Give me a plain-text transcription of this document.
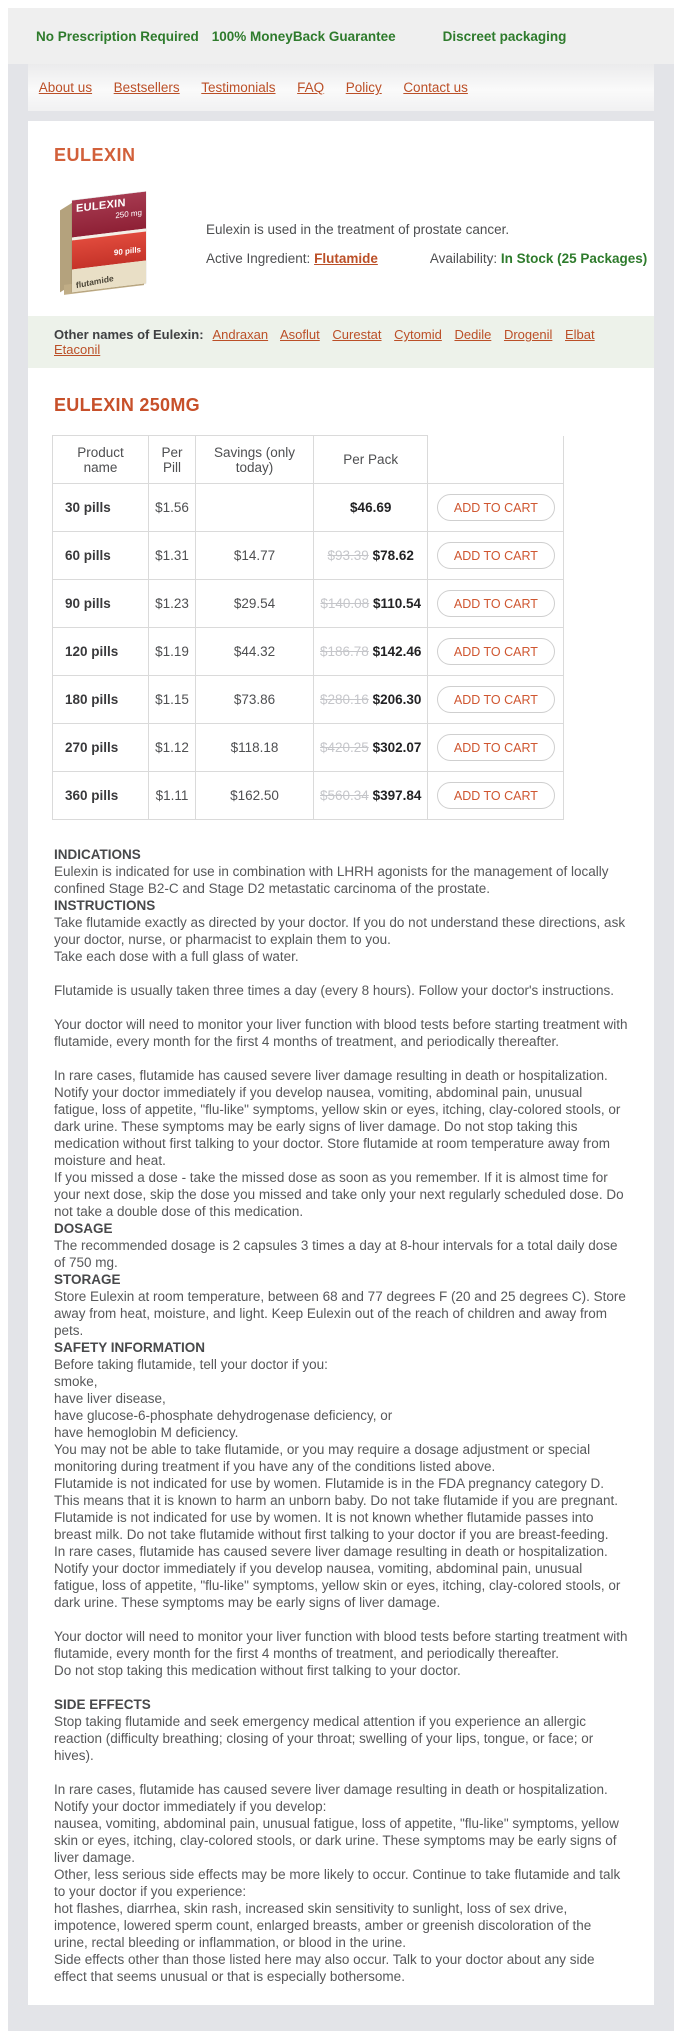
No Prescription Required 100% MoneyBack Guarantee	Discreet packaging
About us Bestsellers Testimonials FAQ Policy Contact us
EULEXIN
EULEXIN
250 mg
90 pills
flutamide
Eulexin is used in the treatment of prostate cancer.
Active Ingredient: Flutamide	Availability: In Stock (25 Packages)
Other names of Eulexin: Andraxan Asoflut Curestat Cytomid Dedile Drogenil Elbat Etaconil
EULEXIN 250MG
Product name	Per Pill	Savings (only today)	Per Pack	
30 pills	$1.56		$46.69	ADD TO CART
60 pills	$1.31	$14.77	$93.39 $78.62	ADD TO CART
90 pills	$1.23	$29.54	$140.08 $110.54	ADD TO CART
120 pills	$1.19	$44.32	$186.78 $142.46	ADD TO CART
180 pills	$1.15	$73.86	$280.16 $206.30	ADD TO CART
270 pills	$1.12	$118.18	$420.25 $302.07	ADD TO CART
360 pills	$1.11	$162.50	$560.34 $397.84	ADD TO CART

INDICATIONS

Eulexin is indicated for use in combination with LHRH agonists for the management of locally confined Stage B2-C and Stage D2 metastatic carcinoma of the prostate.

INSTRUCTIONS

Take flutamide exactly as directed by your doctor. If you do not understand these directions, ask your doctor, nurse, or pharmacist to explain them to you.

Take each dose with a full glass of water.

Flutamide is usually taken three times a day (every 8 hours). Follow your doctor's instructions.

Your doctor will need to monitor your liver function with blood tests before starting treatment with flutamide, every month for the first 4 months of treatment, and periodically thereafter.

In rare cases, flutamide has caused severe liver damage resulting in death or hospitalization. Notify your doctor immediately if you develop nausea, vomiting, abdominal pain, unusual fatigue, loss of appetite, "flu-like" symptoms, yellow skin or eyes, itching, clay-colored stools, or dark urine. These symptoms may be early signs of liver damage. Do not stop taking this medication without first talking to your doctor. Store flutamide at room temperature away from moisture and heat.

If you missed a dose - take the missed dose as soon as you remember. If it is almost time for your next dose, skip the dose you missed and take only your next regularly scheduled dose. Do not take a double dose of this medication.

DOSAGE

The recommended dosage is 2 capsules 3 times a day at 8-hour intervals for a total daily dose of 750 mg.

STORAGE

Store Eulexin at room temperature, between 68 and 77 degrees F (20 and 25 degrees C). Store away from heat, moisture, and light. Keep Eulexin out of the reach of children and away from pets.

SAFETY INFORMATION

Before taking flutamide, tell your doctor if you:

smoke,

have liver disease,

have glucose-6-phosphate dehydrogenase deficiency, or

have hemoglobin M deficiency.

You may not be able to take flutamide, or you may require a dosage adjustment or special monitoring during treatment if you have any of the conditions listed above.

Flutamide is not indicated for use by women. Flutamide is in the FDA pregnancy category D. This means that it is known to harm an unborn baby. Do not take flutamide if you are pregnant. Flutamide is not indicated for use by women. It is not known whether flutamide passes into breast milk. Do not take flutamide without first talking to your doctor if you are breast-feeding.

In rare cases, flutamide has caused severe liver damage resulting in death or hospitalization. Notify your doctor immediately if you develop nausea, vomiting, abdominal pain, unusual fatigue, loss of appetite, "flu-like" symptoms, yellow skin or eyes, itching, clay-colored stools, or dark urine. These symptoms may be early signs of liver damage.

Your doctor will need to monitor your liver function with blood tests before starting treatment with flutamide, every month for the first 4 months of treatment, and periodically thereafter.

Do not stop taking this medication without first talking to your doctor.

SIDE EFFECTS

Stop taking flutamide and seek emergency medical attention if you experience an allergic reaction (difficulty breathing; closing of your throat; swelling of your lips, tongue, or face; or hives).

In rare cases, flutamide has caused severe liver damage resulting in death or hospitalization. Notify your doctor immediately if you develop:

nausea, vomiting, abdominal pain, unusual fatigue, loss of appetite, "flu-like" symptoms, yellow skin or eyes, itching, clay-colored stools, or dark urine. These symptoms may be early signs of liver damage.

Other, less serious side effects may be more likely to occur. Continue to take flutamide and talk to your doctor if you experience:

hot flashes, diarrhea, skin rash, increased skin sensitivity to sunlight, loss of sex drive, impotence, lowered sperm count, enlarged breasts, amber or greenish discoloration of the urine, rectal bleeding or inflammation, or blood in the urine.

Side effects other than those listed here may also occur. Talk to your doctor about any side effect that seems unusual or that is especially bothersome.
